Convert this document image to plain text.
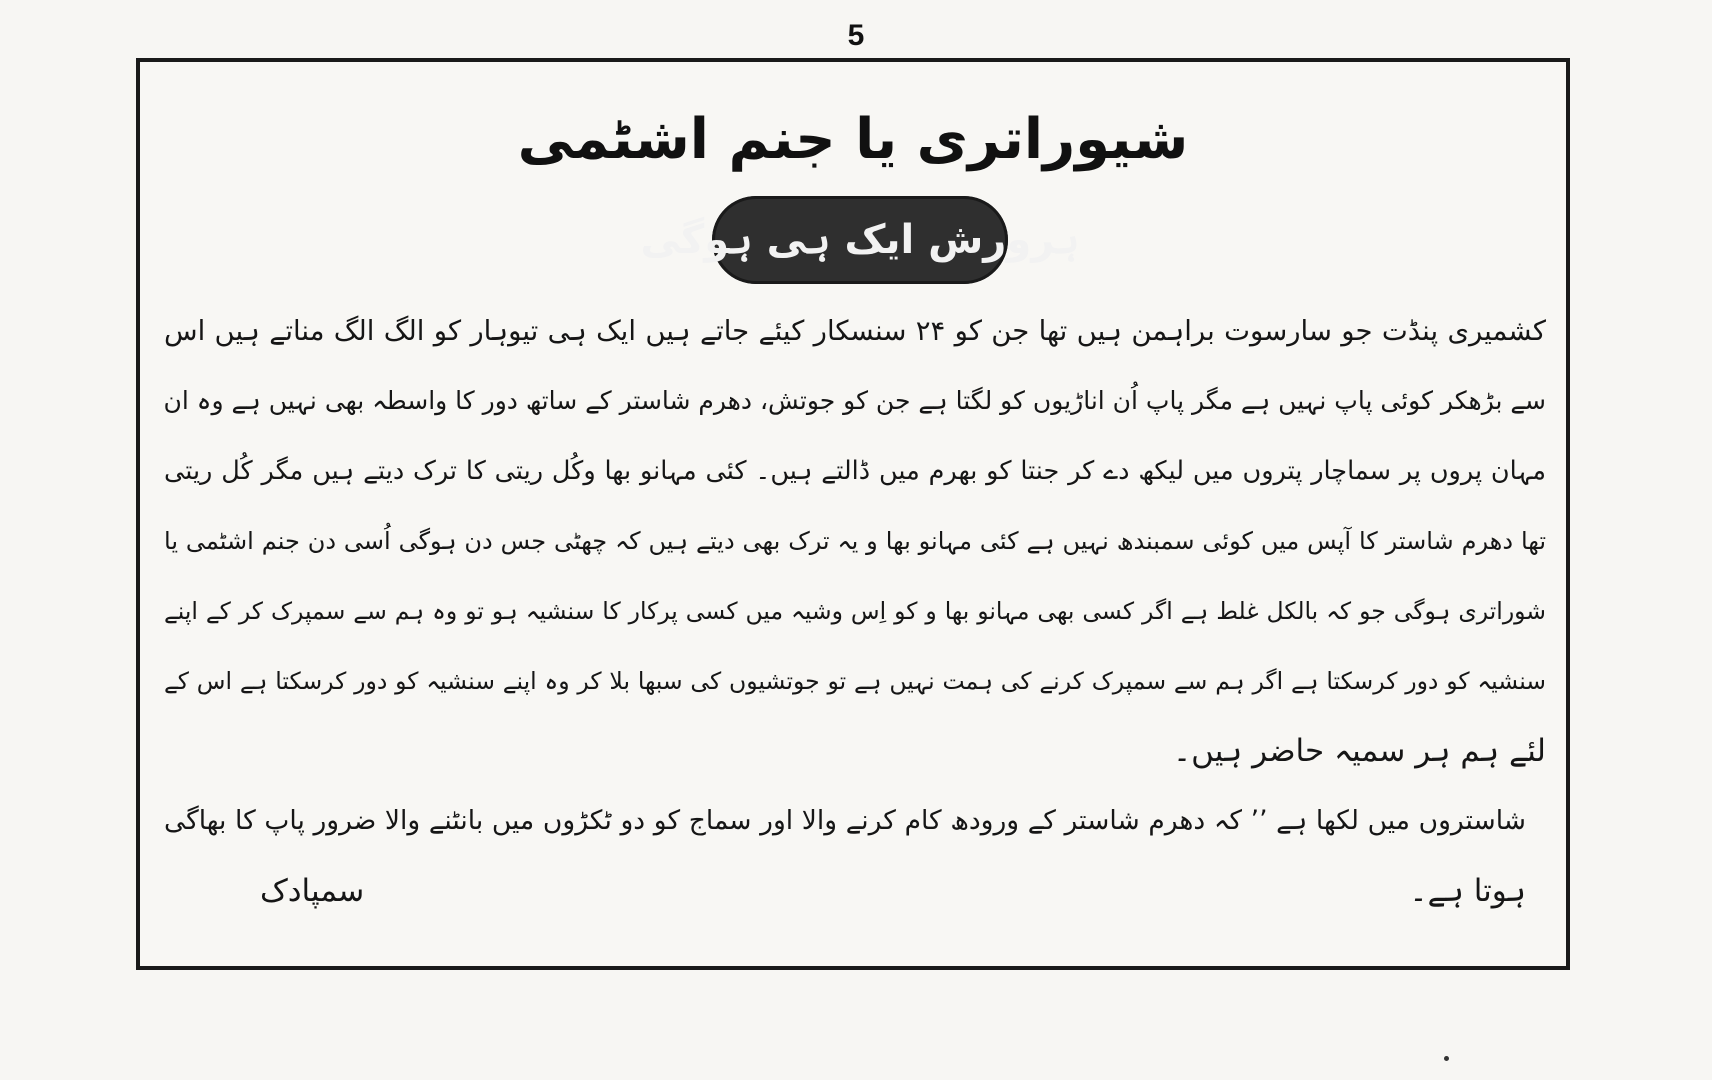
5
شیوراتری یا جنم اشٹمی
ہرورش ایک ہی ہوگی
کشمیری پنڈت جو سارسوت براہمن ہیں تھا جن کو ۲۴ سنسکار کیئے جاتے ہیں ایک ہی تیوہار کو الگ الگ مناتے ہیں اس
سے بڑھکر کوئی پاپ نہیں ہے مگر پاپ اُن اناڑیوں کو لگتا ہے جن کو جوتش، دھرم شاستر کے ساتھ دور کا واسطہ بھی نہیں ہے وہ ان
مہان پروں پر سماچار پتروں میں لیکھ دے کر جنتا کو بھرم میں ڈالتے ہیں۔ کئی مہانو بھا وکُل ریتی کا ترک دیتے ہیں مگر کُل ریتی
تھا دھرم شاستر کا آپس میں کوئی سمبندھ نہیں ہے کئی مہانو بھا و یہ ترک بھی دیتے ہیں کہ چھٹی جس دن ہوگی اُسی دن جنم اشٹمی یا
شوراتری ہوگی جو کہ بالکل غلط ہے اگر کسی بھی مہانو بھا و کو اِس وشیہ میں کسی پرکار کا سنشیہ ہو تو وہ ہم سے سمپرک کر کے اپنے
سنشیہ کو دور کرسکتا ہے اگر ہم سے سمپرک کرنے کی ہمت نہیں ہے تو جوتشیوں کی سبھا بلا کر وہ اپنے سنشیہ کو دور کرسکتا ہے اس کے
لئے ہم ہر سمیہ حاضر ہیں۔
شاستروں میں لکھا ہے ’’ کہ دھرم شاستر کے ورودھ کام کرنے والا اور سماج کو دو ٹکڑوں میں بانٹنے والا ضرور پاپ کا بھاگی
ہوتا ہے۔
سمپادک
